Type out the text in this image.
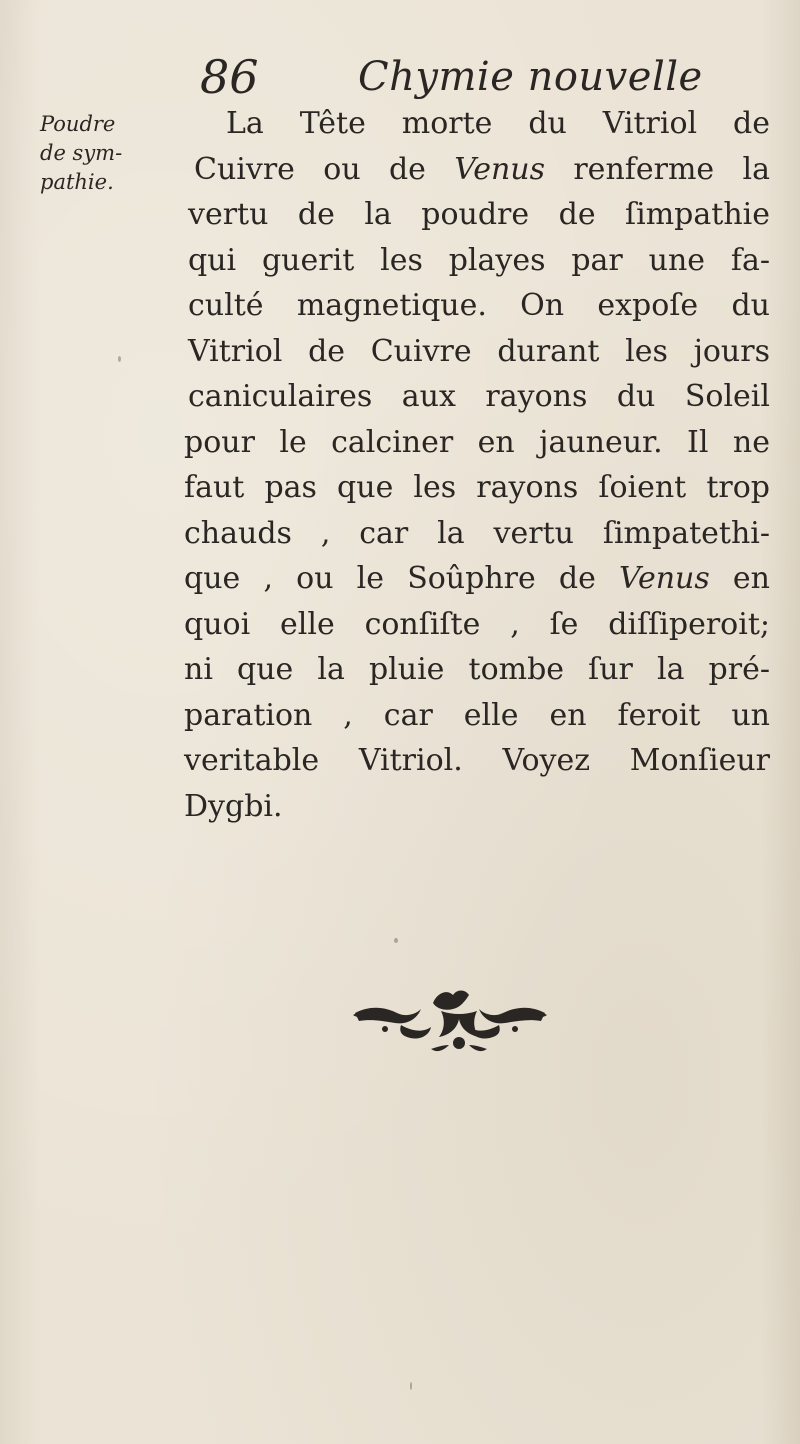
86 Chymie nouvelle
Poudre
de sym-
pathie.
La Tête morte du Vitriol de
Cuivre ou de Venus renferme la
vertu de la poudre de ſimpathie
qui guerit les playes par une fa-
culté magnetique. On expoſe du
Vitriol de Cuivre durant les jours
caniculaires aux rayons du Soleil
pour le calciner en jauneur. Il ne
faut pas que les rayons ſoient trop
chauds , car la vertu ſimpatethi-
que , ou le Soûphre de Venus en
quoi elle conſiſte , ſe diſſiperoit;
ni que la pluie tombe ſur la pré-
paration , car elle en feroit un
veritable Vitriol. Voyez Monſieur
Dygbi.
